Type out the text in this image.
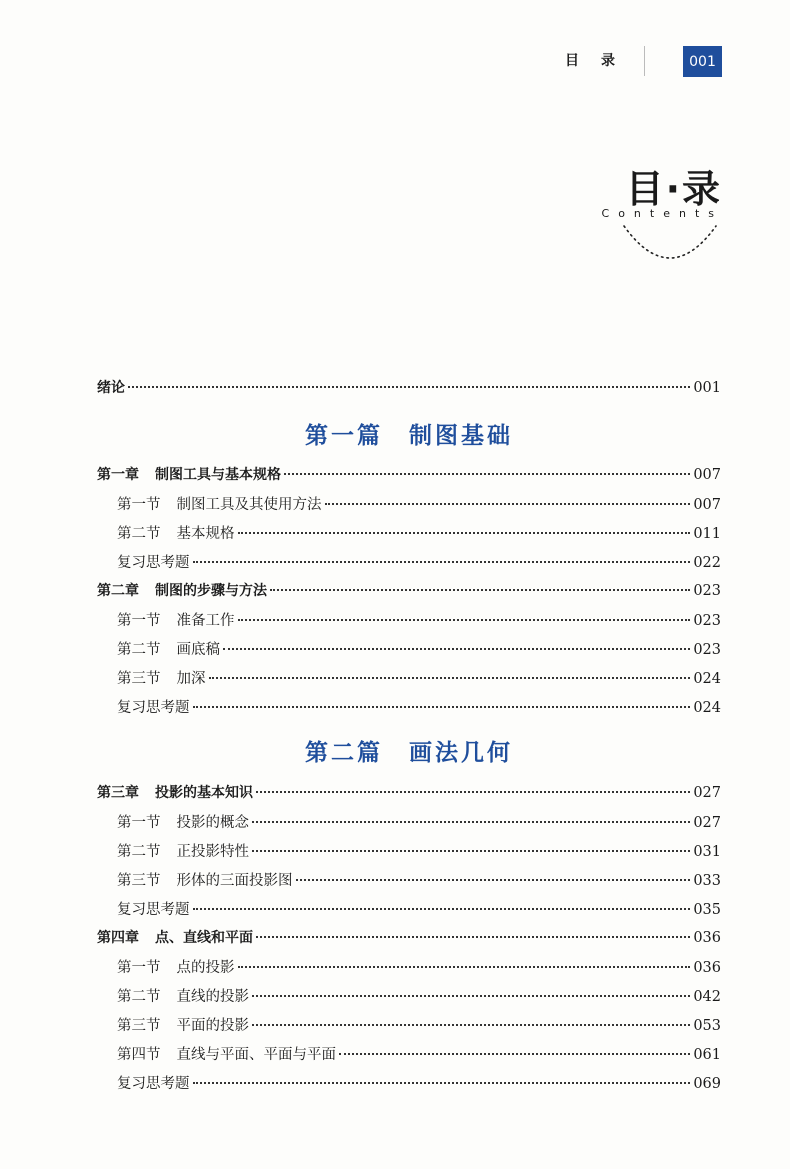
目录	001
目·录
Contents
绪论	001
第一篇 制图基础
第一章 制图工具与基本规格	007
第一节 制图工具及其使用方法	007
第二节 基本规格	011
复习思考题	022
第二章 制图的步骤与方法	023
第一节 准备工作	023
第二节 画底稿	023
第三节 加深	024
复习思考题	024
第二篇 画法几何
第三章 投影的基本知识	027
第一节 投影的概念	027
第二节 正投影特性	031
第三节 形体的三面投影图	033
复习思考题	035
第四章 点、直线和平面	036
第一节 点的投影	036
第二节 直线的投影	042
第三节 平面的投影	053
第四节 直线与平面、平面与平面	061
复习思考题	069
